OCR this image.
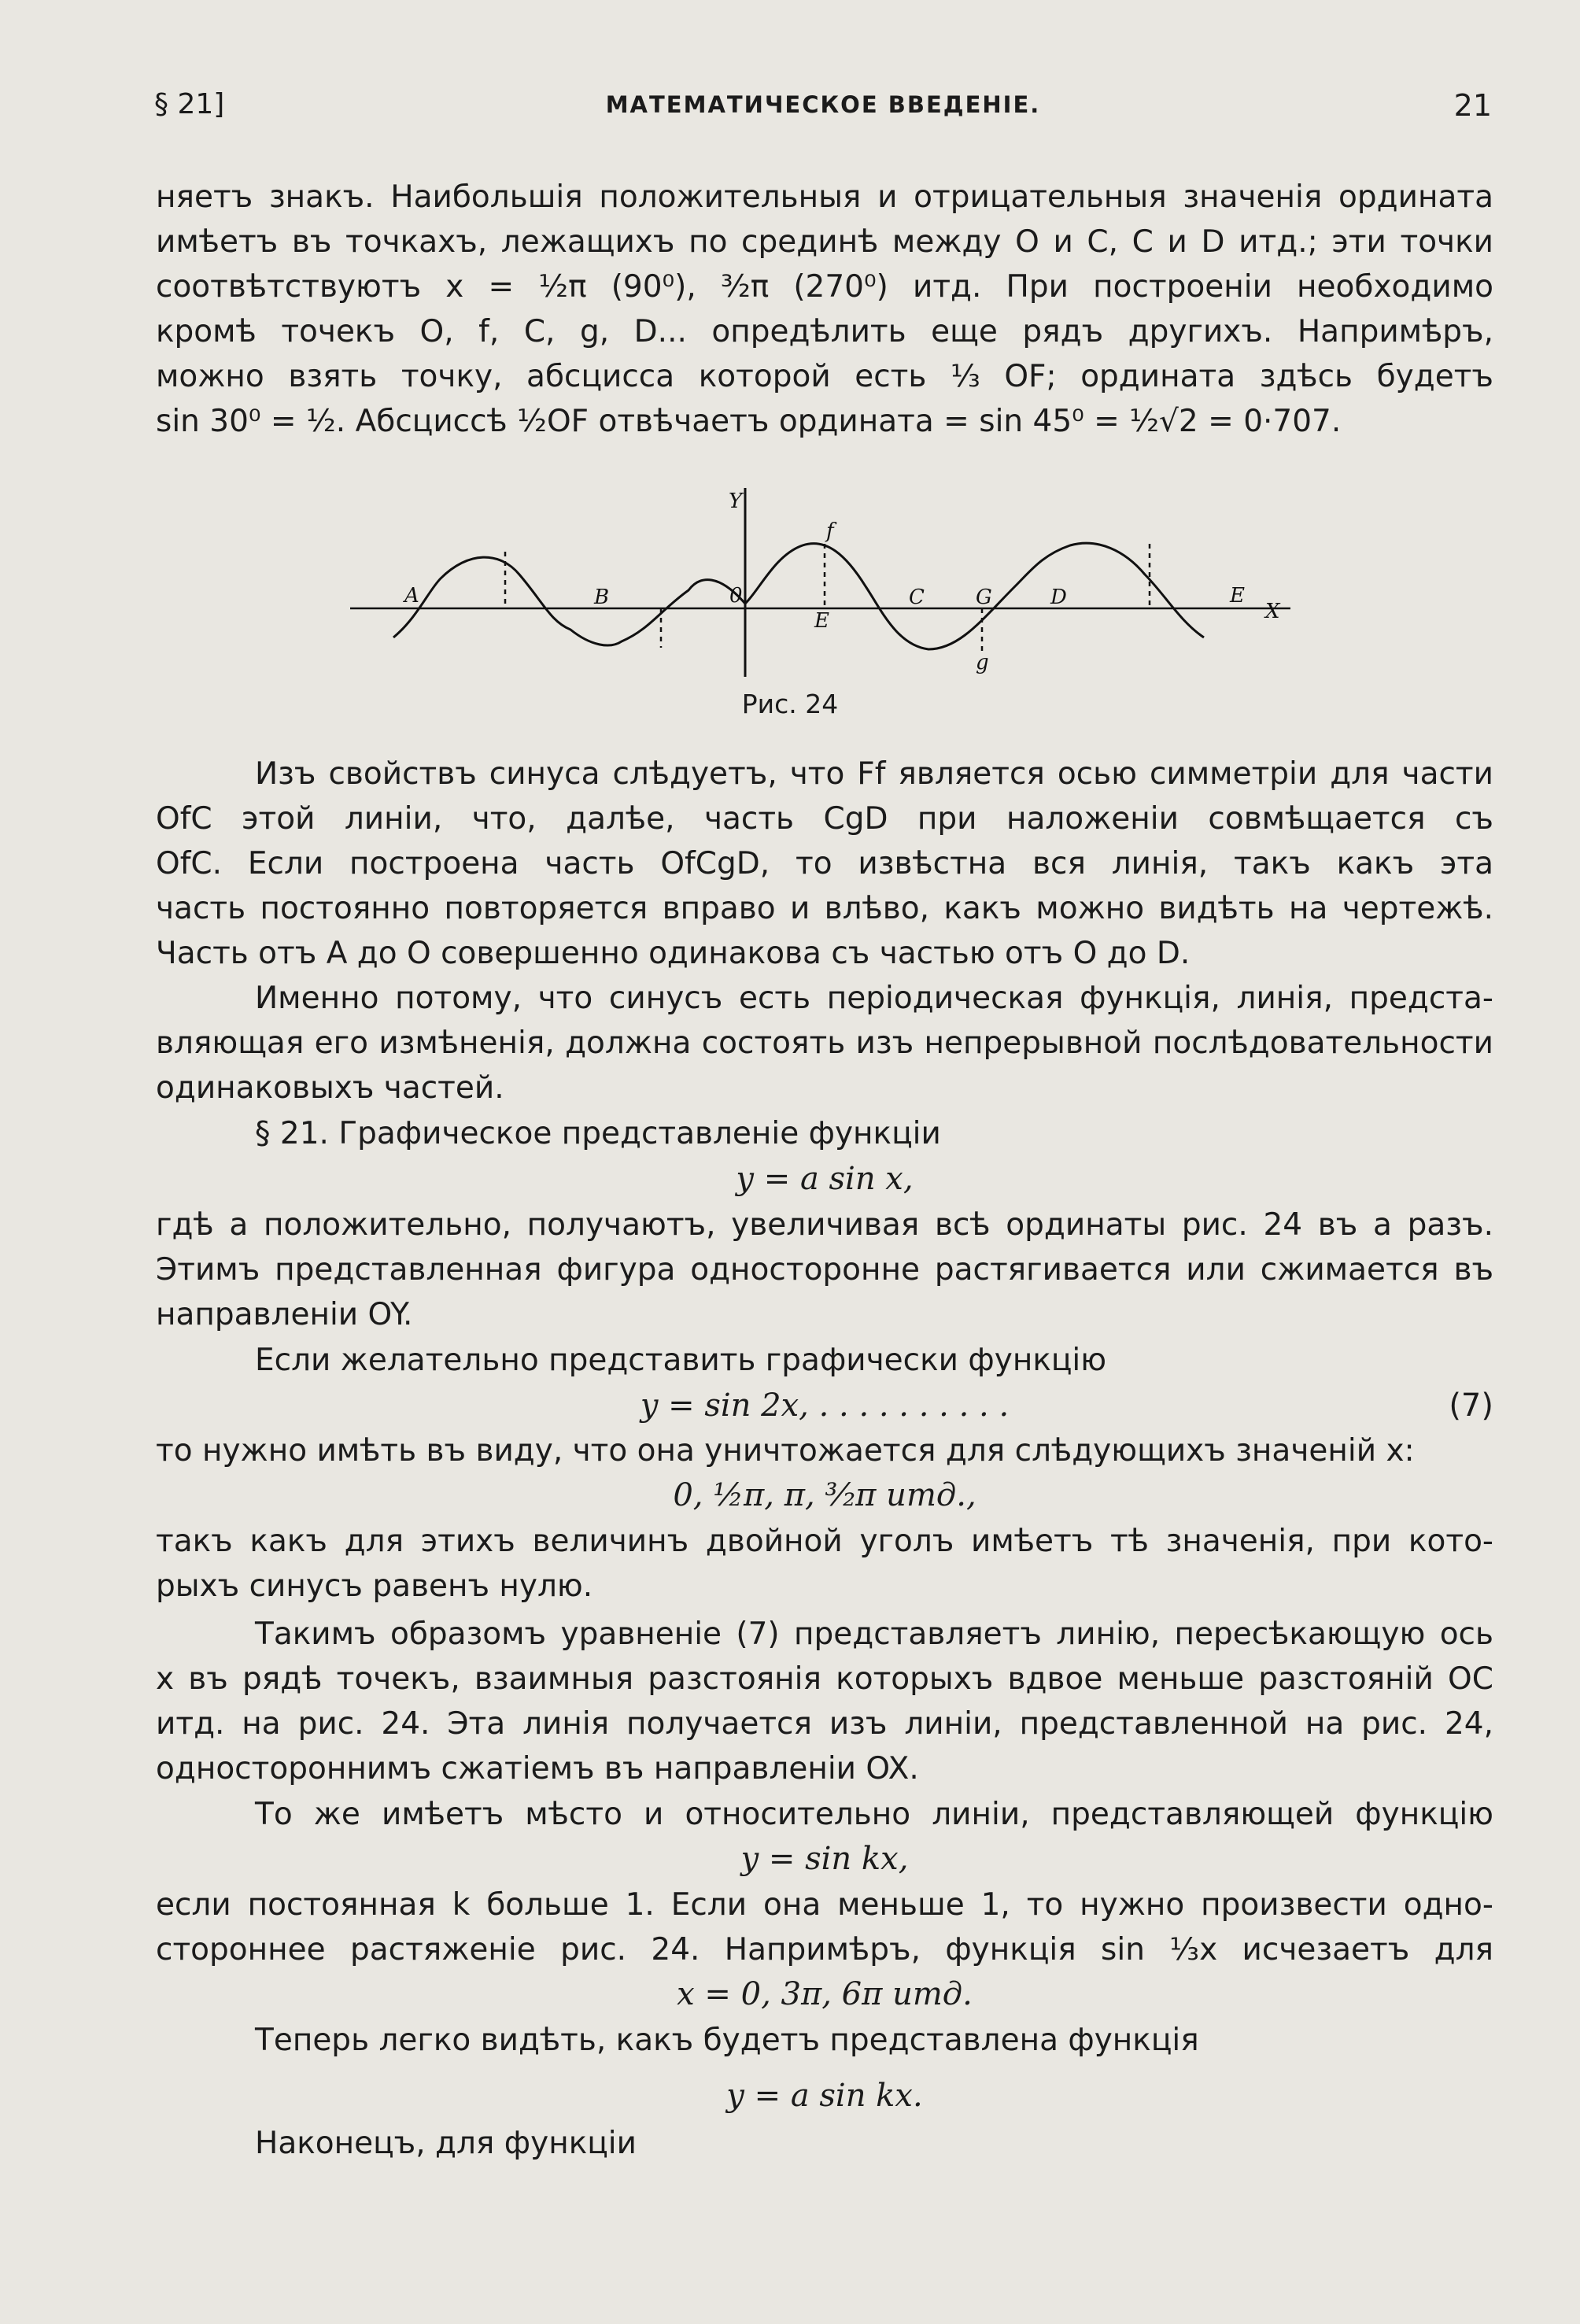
§ 21]	МАТЕМАТИЧЕСКОЕ ВВЕДЕНІЕ.	21
няетъ знакъ. Наибольшія положительныя и отрицательныя значенія ордината
имѣетъ въ точкахъ, лежащихъ по срединѣ между O и C, C и D итд.; эти точки
соотвѣтствуютъ x = ½π (90⁰), ³⁄₂π (270⁰) итд. При построеніи необходимо
кромѣ точекъ O, f, C, g, D... опредѣлить еще рядъ другихъ. Напримѣръ,
можно взять точку, абсцисса которой есть ⅓ OF; ордината здѣсь будетъ
sin 30⁰ = ½. Абсциссѣ ½OF отвѣчаетъ ордината = sin 45⁰ = ½√2 = 0·707.
Y
X
A	B	0
f
E
C	G
g
D	E
Рис. 24
Изъ свойствъ синуса слѣдуетъ, что Ff является осью симметріи для части
OfC этой линіи, что, далѣе, часть CgD при наложеніи совмѣщается съ
OfC. Если построена часть OfCgD, то извѣстна вся линія, такъ какъ эта
часть постоянно повторяется вправо и влѣво, какъ можно видѣть на чертежѣ.
Часть отъ A до O совершенно одинакова съ частью отъ O до D.
Именно потому, что синусъ есть періодическая функція, линія, предста-
вляющая его измѣненія, должна состоять изъ непрерывной послѣдовательности
одинаковыхъ частей.
§ 21. Графическое представленіе функціи
y = a sin x,
гдѣ a положительно, получаютъ, увеличивая всѣ ординаты рис. 24 въ a разъ.
Этимъ представленная фигура односторонне растягивается или сжимается въ
направленіи OY.
Если желательно представить графически функцію
y = sin 2x, . . . . . . . . . .	(7)
то нужно имѣть въ виду, что она уничтожается для слѣдующихъ значеній x:
0, ½π, π, ³⁄₂π итд.,
такъ какъ для этихъ величинъ двойной уголъ имѣетъ тѣ значенія, при кото-
рыхъ синусъ равенъ нулю.
Такимъ образомъ уравненіе (7) представляетъ линію, пересѣкающую ось
x въ рядѣ точекъ, взаимныя разстоянія которыхъ вдвое меньше разстояній OC
итд. на рис. 24. Эта линія получается изъ линіи, представленной на рис. 24,
одностороннимъ сжатіемъ въ направленіи OX.
То же имѣетъ мѣсто и относительно линіи, представляющей функцію
y = sin kx,
если постоянная k больше 1. Если она меньше 1, то нужно произвести одно-
стороннее растяженіе рис. 24. Напримѣръ, функція sin ⅓x исчезаетъ для
x = 0, 3π, 6π итд.
Теперь легко видѣть, какъ будетъ представлена функція
y = a sin kx.
Наконецъ, для функціи
